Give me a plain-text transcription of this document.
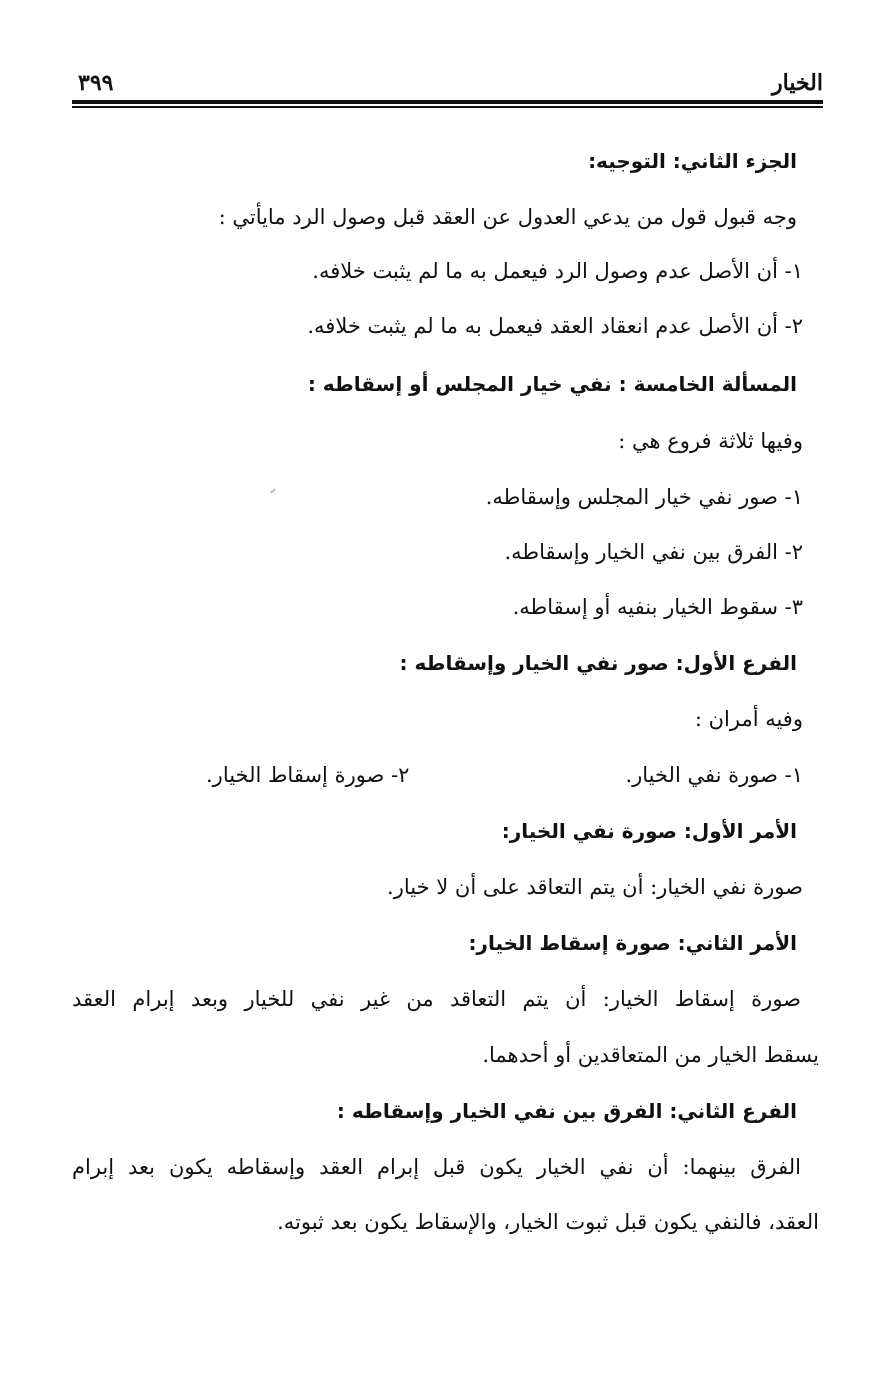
الخيار
٣٩٩
الجزء الثاني: التوجيه:
وجه قبول قول من يدعي العدول عن العقد قبل وصول الرد مايأتي :
١- أن الأصل عدم وصول الرد فيعمل به ما لم يثبت خلافه.
٢- أن الأصل عدم انعقاد العقد فيعمل به ما لم يثبت خلافه.
المسألة الخامسة : نفي خيار المجلس أو إسقاطه :
وفيها ثلاثة فروع هي :
١- صور نفي خيار المجلس وإسقاطه.
٢- الفرق بين نفي الخيار وإسقاطه.
٣- سقوط الخيار بنفيه أو إسقاطه.
الفرع الأول: صور نفي الخيار وإسقاطه :
وفيه أمران :
١- صورة نفي الخيار.
٢- صورة إسقاط الخيار.
الأمر الأول: صورة نفي الخيار:
صورة نفي الخيار: أن يتم التعاقد على أن لا خيار.
الأمر الثاني: صورة إسقاط الخيار:
صورة إسقاط الخيار: أن يتم التعاقد من غير نفي للخيار وبعد إبرام العقد
يسقط الخيار من المتعاقدين أو أحدهما.
الفرع الثاني: الفرق بين نفي الخيار وإسقاطه :
الفرق بينهما: أن نفي الخيار يكون قبل إبرام العقد وإسقاطه يكون بعد إبرام
العقد، فالنفي يكون قبل ثبوت الخيار، والإسقاط يكون بعد ثبوته.
